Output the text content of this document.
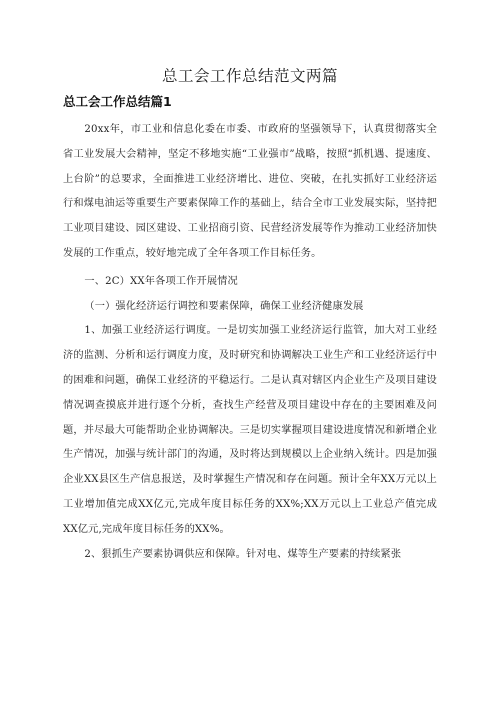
总工会工作总结范文两篇
总工会工作总结篇1

20xx年，市工业和信息化委在市委、市政府的坚强领导下，认真贯彻落实全省工业发展大会精神，坚定不移地实施“工业强市”战略，按照“抓机遇、提速度、上台阶”的总要求，全面推进工业经济增比、进位、突破，在扎实抓好工业经济运行和煤电油运等重要生产要素保障工作的基础上，结合全市工业发展实际，坚持把工业项目建设、园区建设、工业招商引资、民营经济发展等作为推动工业经济加快发展的工作重点，较好地完成了全年各项工作目标任务。

一、2C）XX年各项工作开展情况

（一）强化经济运行调控和要素保障，确保工业经济健康发展

1、加强工业经济运行调度。一是切实加强工业经济运行监管，加大对工业经济的监测、分析和运行调度力度，及时研究和协调解决工业生产和工业经济运行中的困难和问题，确保工业经济的平稳运行。二是认真对辖区内企业生产及项目建设情况调查摸底并进行逐个分析，查找生产经营及项目建设中存在的主要困难及问题，并尽最大可能帮助企业协调解决。三是切实掌握项目建设进度情况和新增企业生产情况，加强与统计部门的沟通，及时将达到规模以上企业纳入统计。四是加强企业XX县区生产信息报送，及时掌握生产情况和存在问题。预计全年XX万元以上工业增加值完成XX亿元,完成年度目标任务的XX%;XX万元以上工业总产值完成XX亿元,完成年度目标任务的XX%。

2、狠抓生产要素协调供应和保障。针对电、煤等生产要素的持续紧张
